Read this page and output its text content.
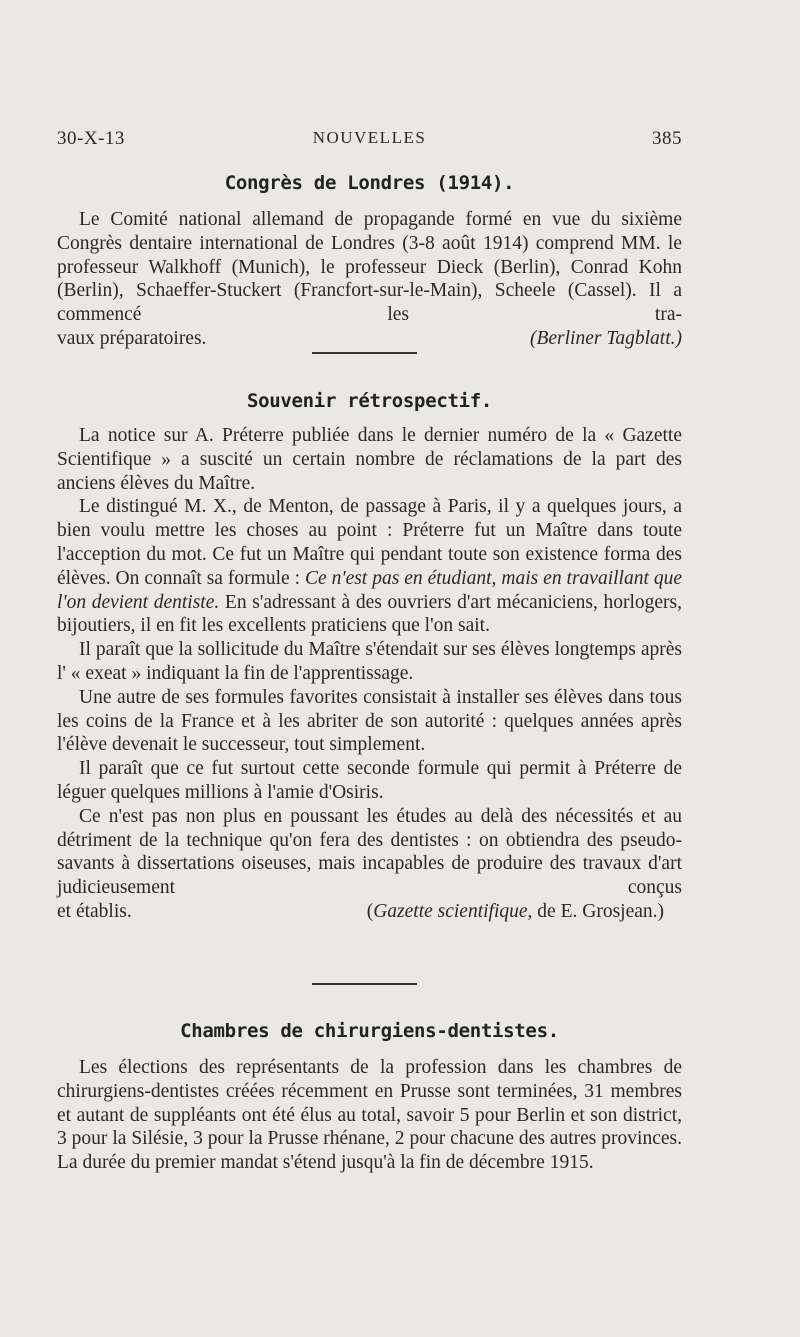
30-X-13	NOUVELLES	385
Congrès de Londres (1914).

Le Comité national allemand de propagande formé en vue du sixième Congrès dentaire international de Londres (3-8 août 1914) comprend MM. le professeur Walkhoff (Munich), le professeur Dieck (Berlin), Conrad Kohn (Berlin), Schaeffer-Stuckert (Francfort-sur-le-Main), Scheele (Cassel). Il a commencé les tra-

vaux préparatoires.	(Berliner Tagblatt.)
Souvenir rétrospectif.

La notice sur A. Préterre publiée dans le dernier numéro de la « Gazette Scientifique » a suscité un certain nombre de réclamations de la part des anciens élèves du Maître.

Le distingué M. X., de Menton, de passage à Paris, il y a quelques jours, a bien voulu mettre les choses au point : Préterre fut un Maître dans toute l'acception du mot. Ce fut un Maître qui pendant toute son existence forma des élèves. On connaît sa formule : Ce n'est pas en étudiant, mais en travaillant que l'on devient dentiste. En s'adressant à des ouvriers d'art mécaniciens, horlogers, bijoutiers, il en fit les excellents praticiens que l'on sait.

Il paraît que la sollicitude du Maître s'étendait sur ses élèves longtemps après l' « exeat » indiquant la fin de l'apprentissage.

Une autre de ses formules favorites consistait à installer ses élèves dans tous les coins de la France et à les abriter de son autorité : quelques années après l'élève devenait le successeur, tout simplement.

Il paraît que ce fut surtout cette seconde formule qui permit à Préterre de léguer quelques millions à l'amie d'Osiris.

Ce n'est pas non plus en poussant les études au delà des nécessités et au détriment de la technique qu'on fera des dentistes : on obtiendra des pseudo-savants à dissertations oiseuses, mais incapables de produire des travaux d'art judicieusement conçus

et établis.	(Gazette scientifique, de E. Grosjean.)
Chambres de chirurgiens-dentistes.

Les élections des représentants de la profession dans les chambres de chirurgiens-dentistes créées récemment en Prusse sont terminées, 31 membres et autant de suppléants ont été élus au total, savoir 5 pour Berlin et son district, 3 pour la Silésie, 3 pour la Prusse rhénane, 2 pour chacune des autres provinces. La durée du premier mandat s'étend jusqu'à la fin de décembre 1915.
